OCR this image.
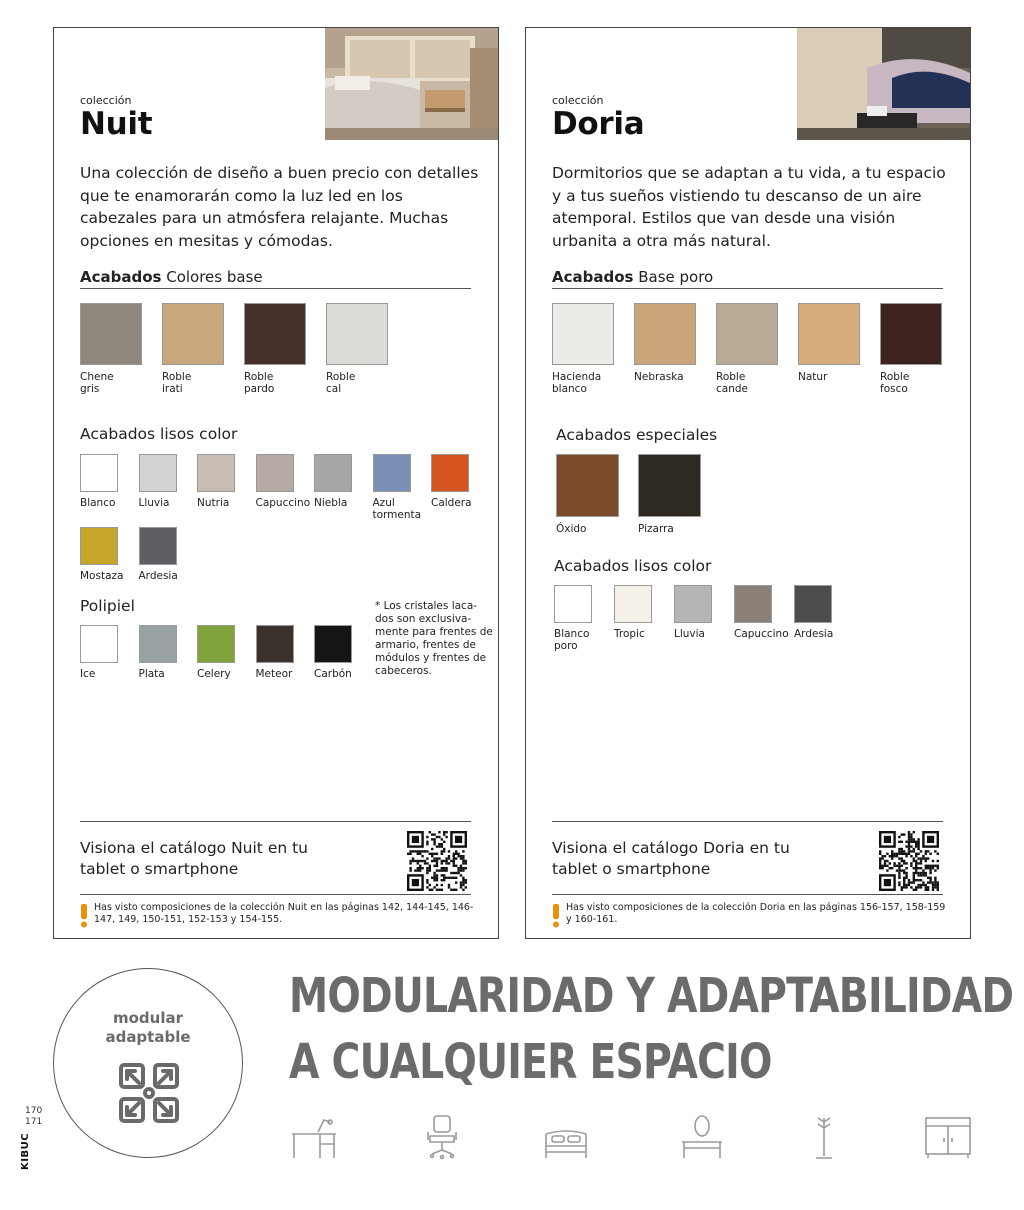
colección
Nuit
Una colección de diseño a buen precio con detalles que te enamorarán como la luz led en los cabezales para un atmósfera relajante. Muchas opciones en mesitas y cómodas.
Acabados Colores base
Chene gris
Roble irati
Roble pardo
Roble cal
Acabados lisos color
Blanco Lluvia	Nutria Capuccino Niebla Azul tormenta
Caldera
Mostaza Ardesia
Polipiel
Ice	Plata	Celery Meteor Carbón
* Los cristales laca-dos son exclusiva-mente para frentes de armario, frentes de módulos y frentes de cabeceros.
Visiona el catálogo Nuit en tu tablet o smartphone
Has visto composiciones de la colección Nuit en las páginas 142, 144-145, 146-147, 149, 150-151, 152-153 y 154-155.
colección
Doria
Dormitorios que se adaptan a tu vida, a tu espacio y a tus sueños vistiendo tu descanso de un aire atemporal. Estilos que van desde una visión urbanita a otra más natural.
Acabados Base poro
Hacienda blanco
Nebraska	Roble cande
Natur	Roble fosco
Acabados especiales
Óxido	Pizarra
Acabados lisos color
Blanco poro
Tropic	Lluvia	Capuccino Ardesia
Visiona el catálogo Doria en tu tablet o smartphone
Has visto composiciones de la colección Doria en las páginas 156-157, 158-159 y 160-161.
modular
adaptable
MODULARIDAD Y ADAPTABILIDAD
A CUALQUIER ESPACIO
170
171
KIBUC
